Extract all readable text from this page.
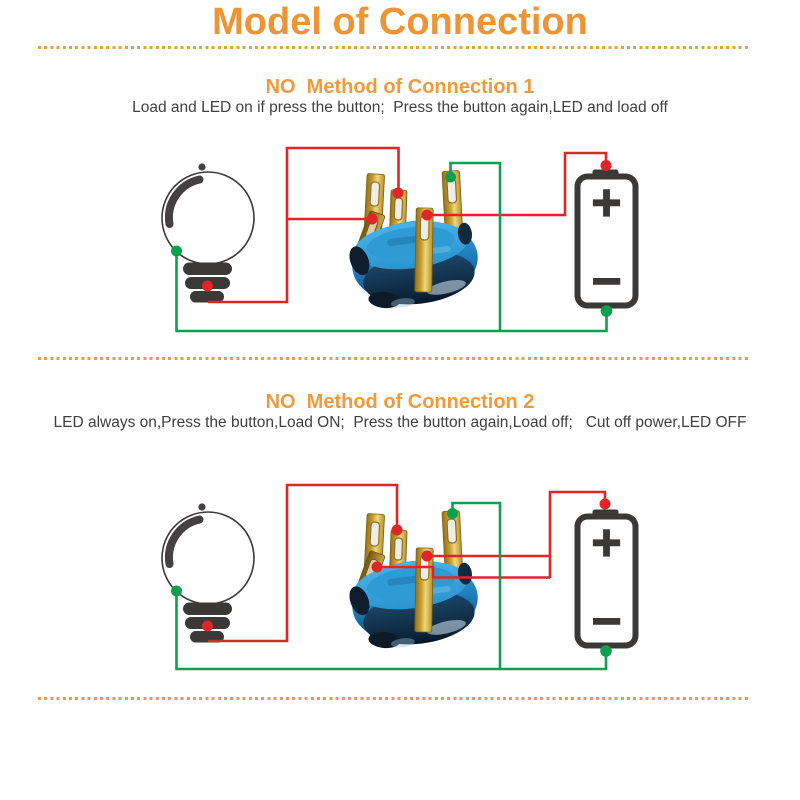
Model of Connection
NO  Method of Connection 1
Load and LED on if press the button;  Press the button again,LED and load off
NO  Method of Connection 2
LED always on,Press the button,Load ON;  Press the button again,Load off;   Cut off power,LED OFF
+
−
+
−
